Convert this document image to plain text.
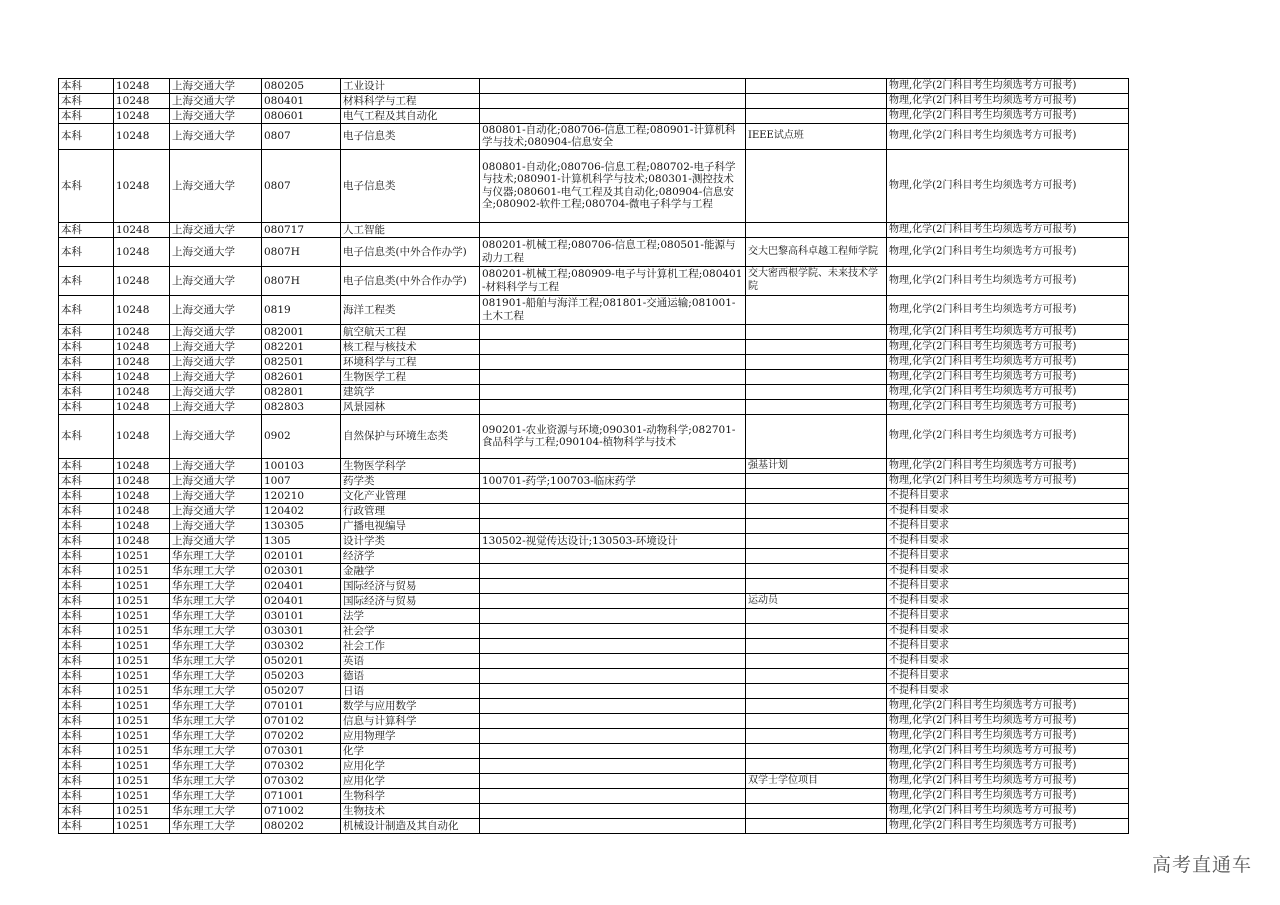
本科	10248	上海交通大学	080205	工业设计			物理,化学(2门科目考生均须选考方可报考)
本科	10248	上海交通大学	080401	材料科学与工程			物理,化学(2门科目考生均须选考方可报考)
本科	10248	上海交通大学	080601	电气工程及其自动化			物理,化学(2门科目考生均须选考方可报考)
本科	10248	上海交通大学	0807	电子信息类	080801-自动化;080706-信息工程;080901-计算机科学与技术;080904-信息安全	IEEE试点班	物理,化学(2门科目考生均须选考方可报考)
本科	10248	上海交通大学	0807	电子信息类	080801-自动化;080706-信息工程;080702-电子科学与技术;080901-计算机科学与技术;080301-测控技术与仪器;080601-电气工程及其自动化;080904-信息安全;080902-软件工程;080704-微电子科学与工程		物理,化学(2门科目考生均须选考方可报考)
本科	10248	上海交通大学	080717	人工智能			物理,化学(2门科目考生均须选考方可报考)
本科	10248	上海交通大学	0807H	电子信息类(中外合作办学)	080201-机械工程;080706-信息工程;080501-能源与动力工程	交大巴黎高科卓越工程师学院	物理,化学(2门科目考生均须选考方可报考)
本科	10248	上海交通大学	0807H	电子信息类(中外合作办学)	080201-机械工程;080909-电子与计算机工程;080401-材料科学与工程	交大密西根学院、未来技术学院	物理,化学(2门科目考生均须选考方可报考)
本科	10248	上海交通大学	0819	海洋工程类	081901-船舶与海洋工程;081801-交通运输;081001-土木工程		物理,化学(2门科目考生均须选考方可报考)
本科	10248	上海交通大学	082001	航空航天工程			物理,化学(2门科目考生均须选考方可报考)
本科	10248	上海交通大学	082201	核工程与核技术			物理,化学(2门科目考生均须选考方可报考)
本科	10248	上海交通大学	082501	环境科学与工程			物理,化学(2门科目考生均须选考方可报考)
本科	10248	上海交通大学	082601	生物医学工程			物理,化学(2门科目考生均须选考方可报考)
本科	10248	上海交通大学	082801	建筑学			物理,化学(2门科目考生均须选考方可报考)
本科	10248	上海交通大学	082803	风景园林			物理,化学(2门科目考生均须选考方可报考)
本科	10248	上海交通大学	0902	自然保护与环境生态类	090201-农业资源与环境;090301-动物科学;082701-食品科学与工程;090104-植物科学与技术		物理,化学(2门科目考生均须选考方可报考)
本科	10248	上海交通大学	100103	生物医学科学		强基计划	物理,化学(2门科目考生均须选考方可报考)
本科	10248	上海交通大学	1007	药学类	100701-药学;100703-临床药学		物理,化学(2门科目考生均须选考方可报考)
本科	10248	上海交通大学	120210	文化产业管理			不提科目要求
本科	10248	上海交通大学	120402	行政管理			不提科目要求
本科	10248	上海交通大学	130305	广播电视编导			不提科目要求
本科	10248	上海交通大学	1305	设计学类	130502-视觉传达设计;130503-环境设计		不提科目要求
本科	10251	华东理工大学	020101	经济学			不提科目要求
本科	10251	华东理工大学	020301	金融学			不提科目要求
本科	10251	华东理工大学	020401	国际经济与贸易			不提科目要求
本科	10251	华东理工大学	020401	国际经济与贸易		运动员	不提科目要求
本科	10251	华东理工大学	030101	法学			不提科目要求
本科	10251	华东理工大学	030301	社会学			不提科目要求
本科	10251	华东理工大学	030302	社会工作			不提科目要求
本科	10251	华东理工大学	050201	英语			不提科目要求
本科	10251	华东理工大学	050203	德语			不提科目要求
本科	10251	华东理工大学	050207	日语			不提科目要求
本科	10251	华东理工大学	070101	数学与应用数学			物理,化学(2门科目考生均须选考方可报考)
本科	10251	华东理工大学	070102	信息与计算科学			物理,化学(2门科目考生均须选考方可报考)
本科	10251	华东理工大学	070202	应用物理学			物理,化学(2门科目考生均须选考方可报考)
本科	10251	华东理工大学	070301	化学			物理,化学(2门科目考生均须选考方可报考)
本科	10251	华东理工大学	070302	应用化学			物理,化学(2门科目考生均须选考方可报考)
本科	10251	华东理工大学	070302	应用化学		双学士学位项目	物理,化学(2门科目考生均须选考方可报考)
本科	10251	华东理工大学	071001	生物科学			物理,化学(2门科目考生均须选考方可报考)
本科	10251	华东理工大学	071002	生物技术			物理,化学(2门科目考生均须选考方可报考)
本科	10251	华东理工大学	080202	机械设计制造及其自动化			物理,化学(2门科目考生均须选考方可报考)
高考直通车
